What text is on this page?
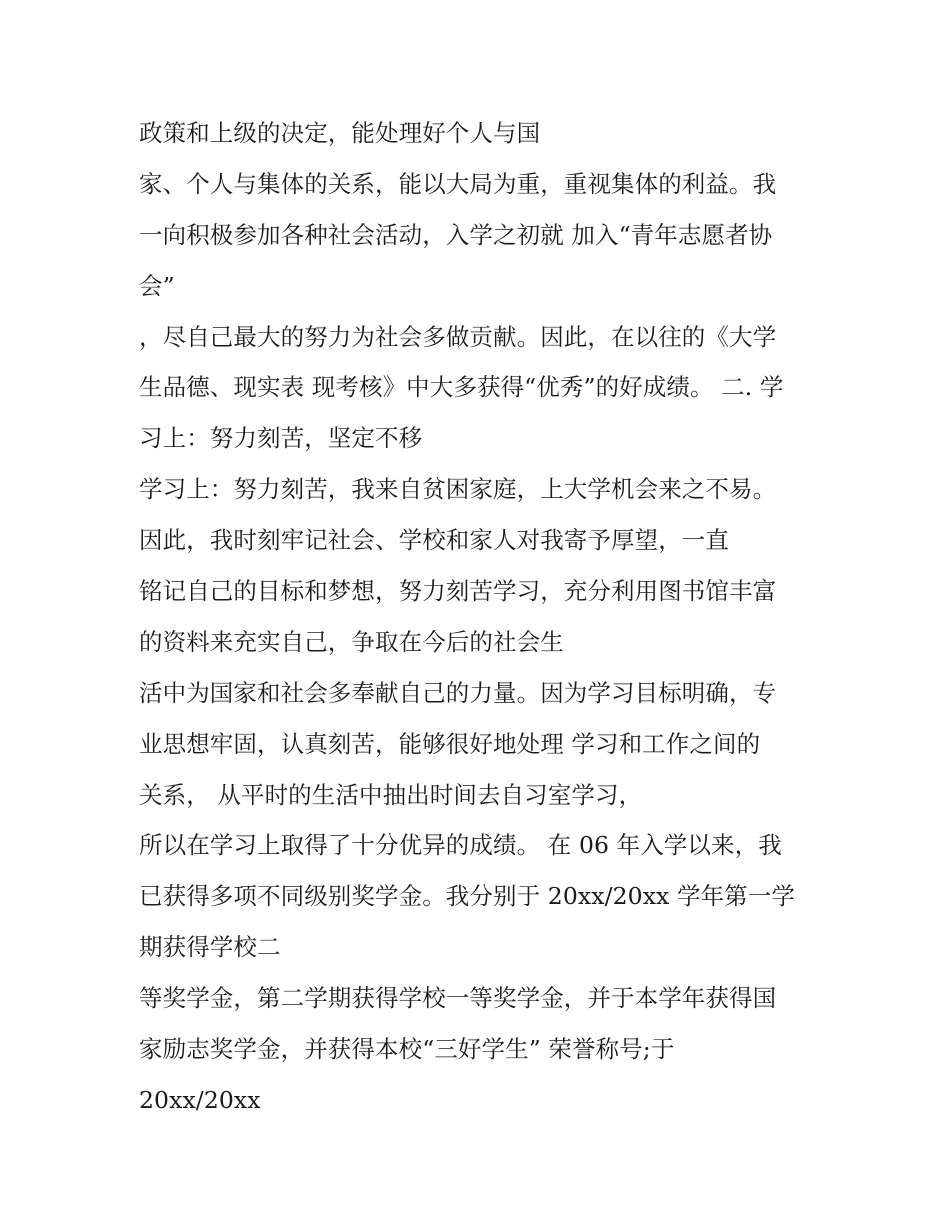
政策和上级的决定，能处理好个人与国
家、个人与集体的关系，能以大局为重，重视集体的利益。我
一向积极参加各种社会活动，入学之初就 加入“青年志愿者协
会”
，尽自己最大的努力为社会多做贡献。因此，在以往的《大学
生品德、现实表 现考核》中大多获得“优秀”的好成绩。 二. 学
习上：努力刻苦，坚定不移
学习上：努力刻苦，我来自贫困家庭，上大学机会来之不易。
因此，我时刻牢记社会、学校和家人对我寄予厚望，一直
铭记自己的目标和梦想，努力刻苦学习，充分利用图书馆丰富
的资料来充实自己，争取在今后的社会生
活中为国家和社会多奉献自己的力量。因为学习目标明确，专
业思想牢固，认真刻苦，能够很好地处理 学习和工作之间的
关系， 从平时的生活中抽出时间去自习室学习，
所以在学习上取得了十分优异的成绩。 在 06 年入学以来，我
已获得多项不同级别奖学金。我分别于 20xx/20xx 学年第一学
期获得学校二
等奖学金，第二学期获得学校一等奖学金，并于本学年获得国
家励志奖学金，并获得本校“三好学生” 荣誉称号;于
20xx/20xx
